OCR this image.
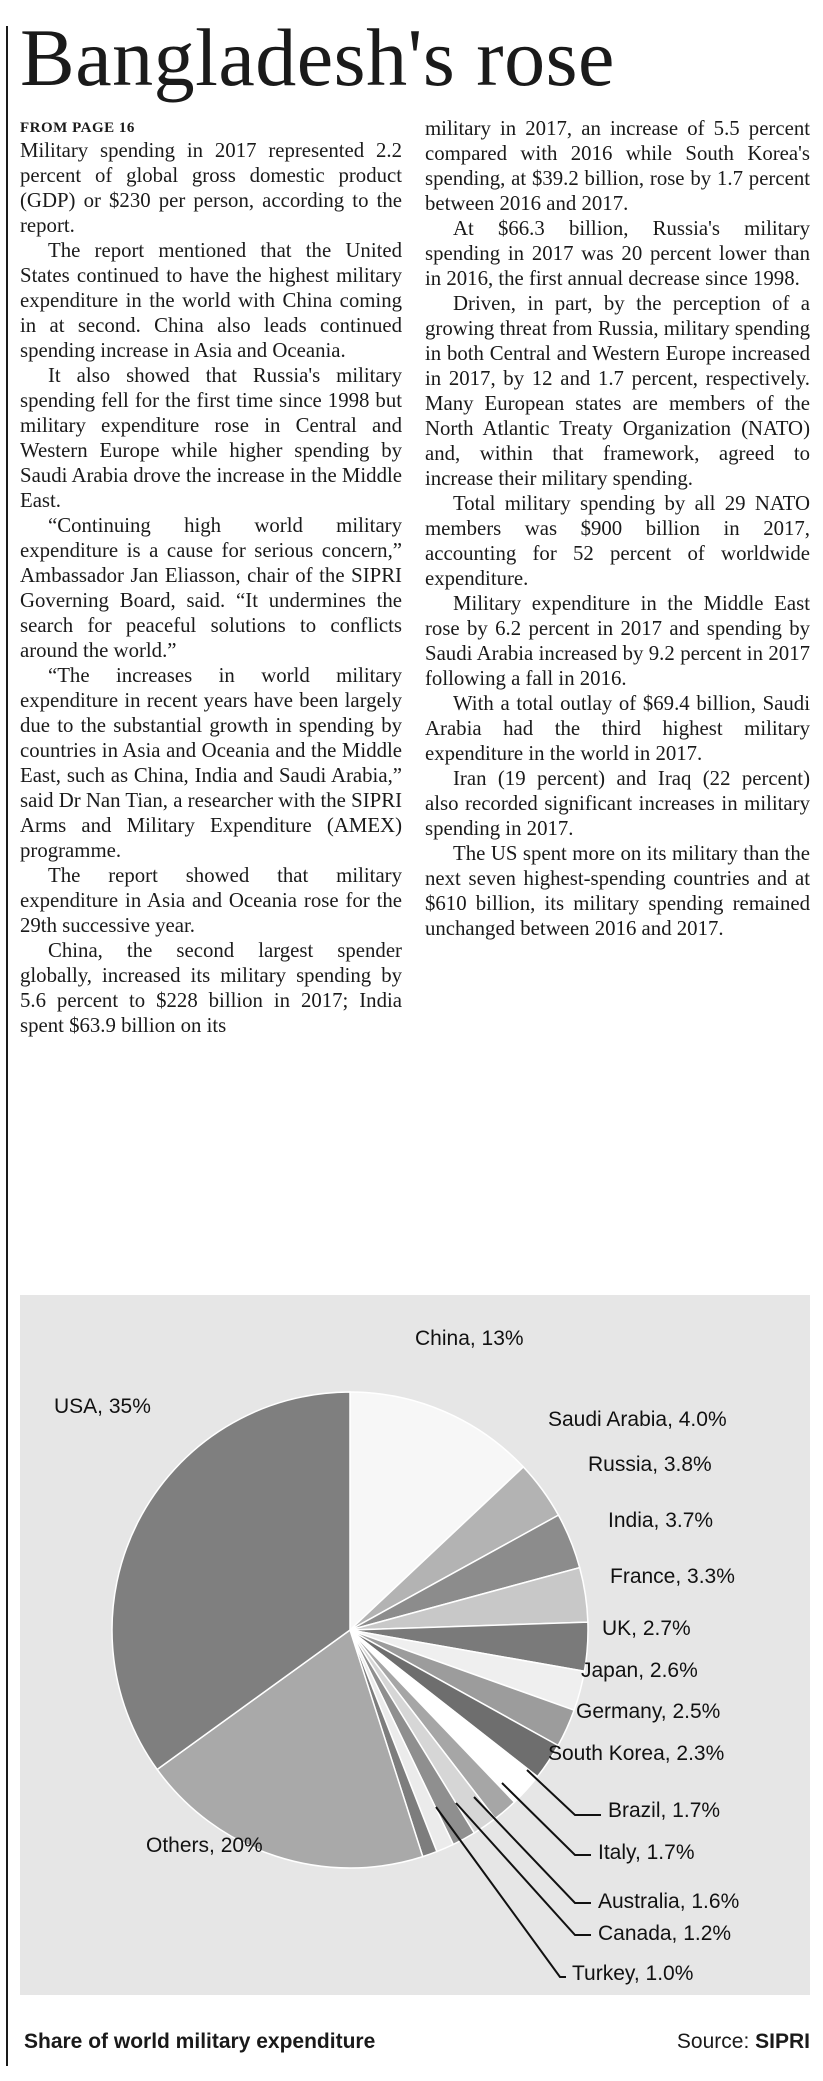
Bangladesh's rose
FROM PAGE 16

Military spending in 2017 represented 2.2 percent of global gross domestic product (GDP) or $230 per person, according to the report.

The report mentioned that the United States continued to have the highest military expenditure in the world with China coming in at second. China also leads continued spending increase in Asia and Oceania.

It also showed that Russia's military spending fell for the first time since 1998 but military expenditure rose in Central and Western Europe while higher spending by Saudi Arabia drove the increase in the Middle East.

“Continuing high world military expenditure is a cause for serious concern,” Ambassador Jan Eliasson, chair of the SIPRI Governing Board, said. “It undermines the search for peaceful solutions to conflicts around the world.”

“The increases in world military expenditure in recent years have been largely due to the substantial growth in spending by countries in Asia and Oceania and the Middle East, such as China, India and Saudi Arabia,” said Dr Nan Tian, a researcher with the SIPRI Arms and Military Expenditure (AMEX) programme.

The report showed that military expenditure in Asia and Oceania rose for the 29th successive year.

China, the second largest spender globally, increased its military spending by 5.6 percent to $228 billion in 2017; India spent $63.9 billion on its

military in 2017, an increase of 5.5 percent compared with 2016 while South Korea's spending, at $39.2 billion, rose by 1.7 percent between 2016 and 2017.

At $66.3 billion, Russia's military spending in 2017 was 20 percent lower than in 2016, the first annual decrease since 1998.

Driven, in part, by the perception of a growing threat from Russia, military spending in both Central and Western Europe increased in 2017, by 12 and 1.7 percent, respectively. Many European states are members of the North Atlantic Treaty Organization (NATO) and, within that framework, agreed to increase their military spending.

Total military spending by all 29 NATO members was $900 billion in 2017, accounting for 52 percent of worldwide expenditure.

Military expenditure in the Middle East rose by 6.2 percent in 2017 and spending by Saudi Arabia increased by 9.2 percent in 2017 following a fall in 2016.

With a total outlay of $69.4 billion, Saudi Arabia had the third highest military expenditure in the world in 2017.

Iran (19 percent) and Iraq (22 percent) also recorded significant increases in military spending in 2017.

The US spent more on its military than the next seven highest-spending countries and at $610 billion, its military spending remained unchanged between 2016 and 2017.

China, 13%
Saudi Arabia, 4.0%
Russia, 3.8%
India, 3.7%
France, 3.3%
UK, 2.7%
Japan, 2.6%
Germany, 2.5%
South Korea, 2.3%
Brazil, 1.7%
Italy, 1.7%
Australia, 1.6%
Canada, 1.2%
Turkey, 1.0%
Others, 20%
USA, 35%
Share of world military expenditure	Source: SIPRI
